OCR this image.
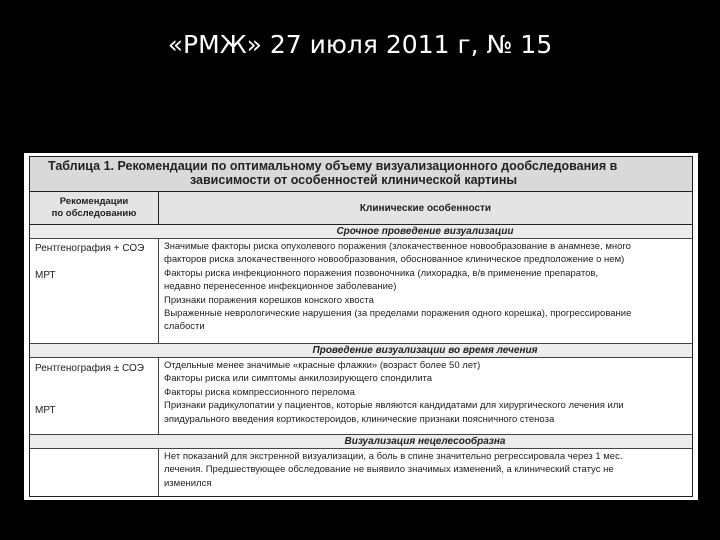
«РМЖ» 27 июля 2011 г, № 15
Таблица 1. Рекомендации по оптимальному объему визуализационного дообследования в
зависимости от особенностей клинической картины
Рекомендации
по обследованию	Клинические особенности
Срочное проведение визуализации
Рентгенография + СОЭ
МРТ
Значимые факторы риска опухолевого поражения (злокачественное новообразование в анамнезе, много
факторов риска злокачественного новообразования, обоснованное клиническое предположение о нем)
Факторы риска инфекционного поражения позвоночника (лихорадка, в/в применение препаратов,
недавно перенесенное инфекционное заболевание)
Признаки поражения корешков конского хвоста
Выраженные неврологические нарушения (за пределами поражения одного корешка), прогрессирование
слабости
Проведение визуализации во время лечения
Рентгенография ± СОЭ
МРТ
Отдельные менее значимые «красные флажки» (возраст более 50 лет)
Факторы риска или симптомы анкилозирующего спондилита
Факторы риска компрессионного перелома
Признаки радикулопатии у пациентов, которые являются кандидатами для хирургического лечения или
эпидурального введения кортикостероидов, клинические признаки поясничного стеноза
Визуализация нецелесообразна
Нет показаний для экстренной визуализации, а боль в спине значительно регрессировала через 1 мес.
лечения. Предшествующее обследование не выявило значимых изменений, а клинический статус не
изменился
